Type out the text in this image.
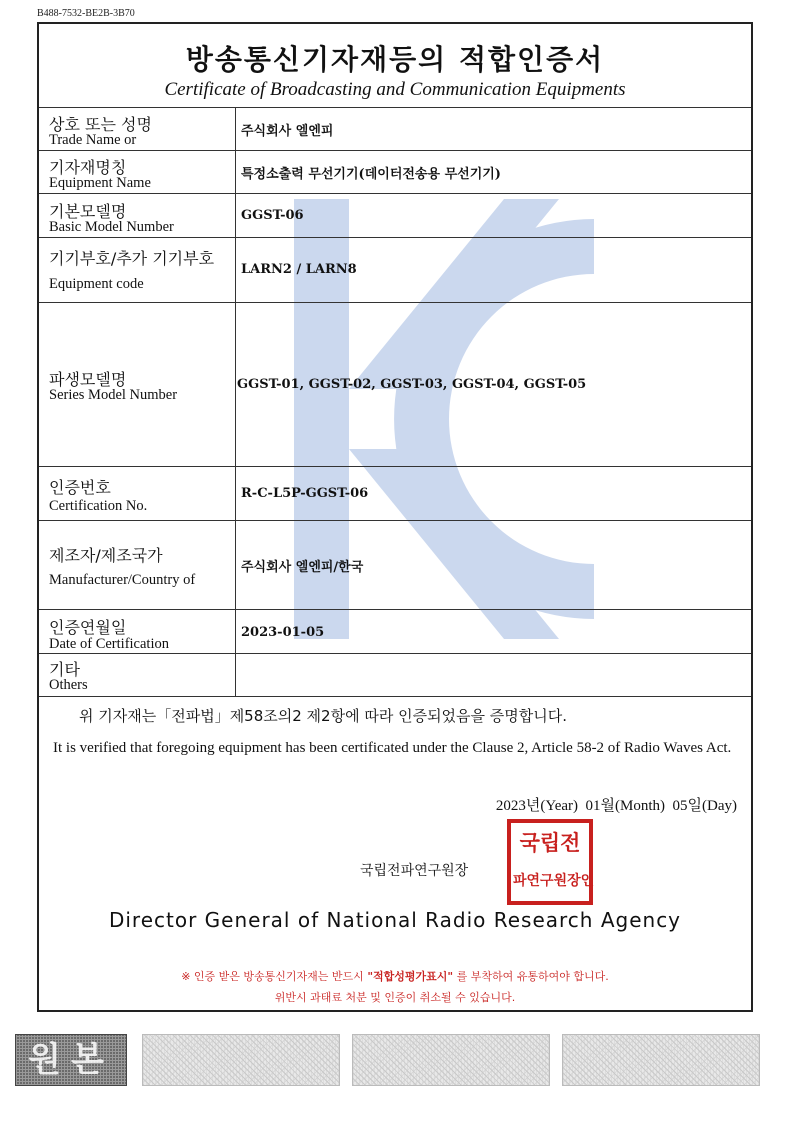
B488-7532-BE2B-3B70
방송통신기자재등의 적합인증서
Certificate of Broadcasting and Communication Equipments
상호 또는 성명
Trade Name or
주식회사 엘엔피
기자재명칭
Equipment Name
특정소출력 무선기기(데이터전송용 무선기기)
기본모델명
Basic Model Number
GGST-06
기기부호/추가 기기부호
Equipment code
LARN2 / LARN8
파생모델명
Series Model Number
GGST-01, GGST-02, GGST-03, GGST-04, GGST-05
인증번호
Certification No.
R-C-L5P-GGST-06
제조자/제조국가
Manufacturer/Country of
주식회사 엘엔피/한국
인증연월일
Date of Certification
2023-01-05
기타
Others
위 기자재는「전파법」제58조의2 제2항에 따라 인증되었음을 증명합니다.
It is verified that foregoing equipment has been certificated under the Clause 2, Article 58-2 of Radio Waves Act.
2023년(Year) 01월(Month) 05일(Day)
국립전파연구원장
국립전
파연구원장인
Director General of National Radio Research Agency
※ 인증 받은 방송통신기자재는 반드시 "적합성평가표시" 를 부착하여 유통하여야 합니다.
위반시 과태료 처분 및 인증이 취소될 수 있습니다.
원본
